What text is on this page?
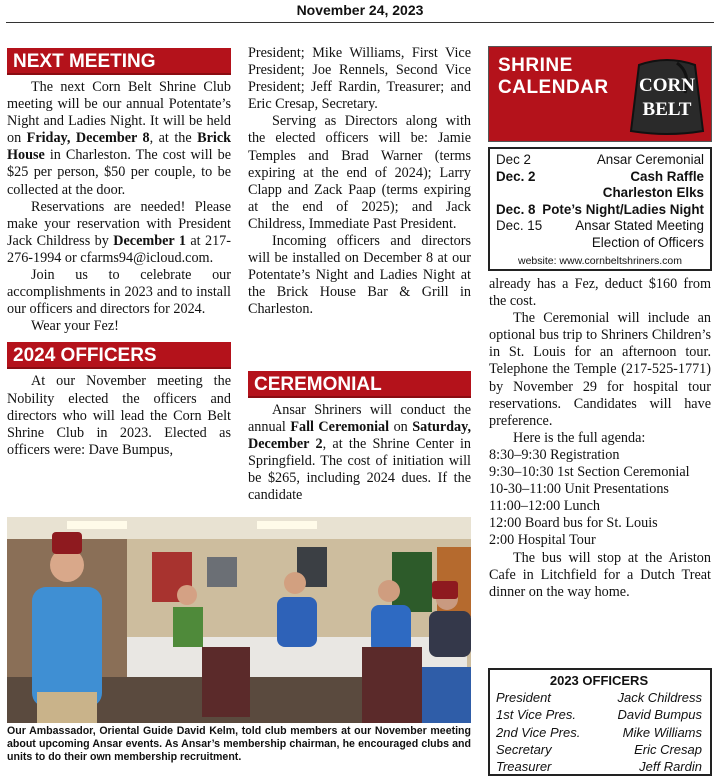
November 24, 2023
NEXT MEETING

The next Corn Belt Shrine Club meeting will be our annual Potentate’s Night and Ladies Night. It will be held on Friday, December 8, at the Brick House in Charleston. The cost will be $25 per person, $50 per couple, to be collected at the door.

Reservations are needed! Please make your reservation with President Jack Childress by December 1 at 217-276-1994 or cfarms94@icloud.com.

Join us to celebrate our accomplishments in 2023 and to install our officers and directors for 2024.

Wear your Fez!

2024 OFFICERS

At our November meeting the Nobility elected the officers and directors who will lead the Corn Belt Shrine Club in 2023. Elected as officers were: Dave Bumpus,

President; Mike Williams, First Vice President; Joe Rennels, Second Vice President; Jeff Rardin, Treasurer; and Eric Cresap, Secretary.

Serving as Directors along with the elected officers will be: Jamie Temples and Brad Warner (terms expiring at the end of 2024); Larry Clapp and Zack Paap (terms expiring at the end of 2025); and Jack Childress, Immediate Past President.

Incoming officers and directors will be installed on December 8 at our Potentate’s Night and Ladies Night at the Brick House Bar & Grill in Charleston.

CEREMONIAL

Ansar Shriners will conduct the annual Fall Ceremonial on Saturday, December 2, at the Shrine Center in Springfield. The cost of initiation will be $265, including 2024 dues. If the candidate

Our Ambassador, Oriental Guide David Kelm, told club members at our November meeting about upcoming Ansar events. As Ansar’s membership chairman, he encouraged clubs and units to do their own membership recruitment.
SHRINE
CALENDAR CORN
BELT
Dec 2	Ansar Ceremonial
Dec. 2	Cash Raffle
Charleston Elks
Dec. 8 Pote’s Night/Ladies Night
Dec. 15	Ansar Stated Meeting
Election of Officers
website: www.cornbeltshriners.com

already has a Fez, deduct $160 from the cost.

The Ceremonial will include an optional bus trip to Shriners Children’s in St. Louis for an afternoon tour. Telephone the Temple (217-525-1771) by November 29 for hospital tour reservations. Candidates will have preference.

Here is the full agenda:

8:30–9:30 Registration

9:30–10:30 1st Section Ceremonial

10-30–11:00 Unit Presentations

11:00–12:00 Lunch

12:00 Board bus for St. Louis

2:00 Hospital Tour

The bus will stop at the Ariston Cafe in Litchfield for a Dutch Treat dinner on the way home.

2023 OFFICERS
President	Jack Childress
1st Vice Pres.	David Bumpus
2nd Vice Pres.	Mike Williams
Secretary	Eric Cresap
Treasurer	Jeff Rardin
